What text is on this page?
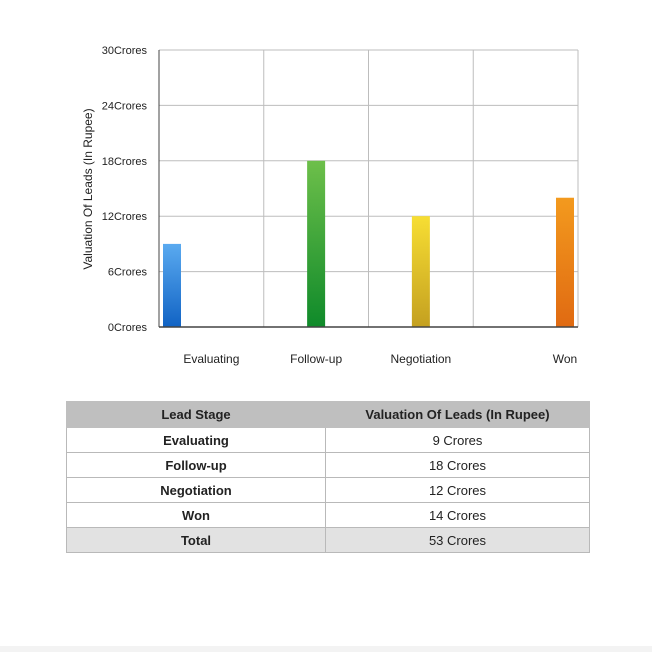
0Crores
6Crores
12Crores
18Crores
24Crores
30Crores
Evaluating	Follow-up	Negotiation	Won
Valuation Of Leads (In Rupee)
Lead Stage	Valuation Of Leads (In Rupee)
Evaluating	9 Crores
Follow-up	18 Crores
Negotiation	12 Crores
Won	14 Crores
Total	53 Crores
